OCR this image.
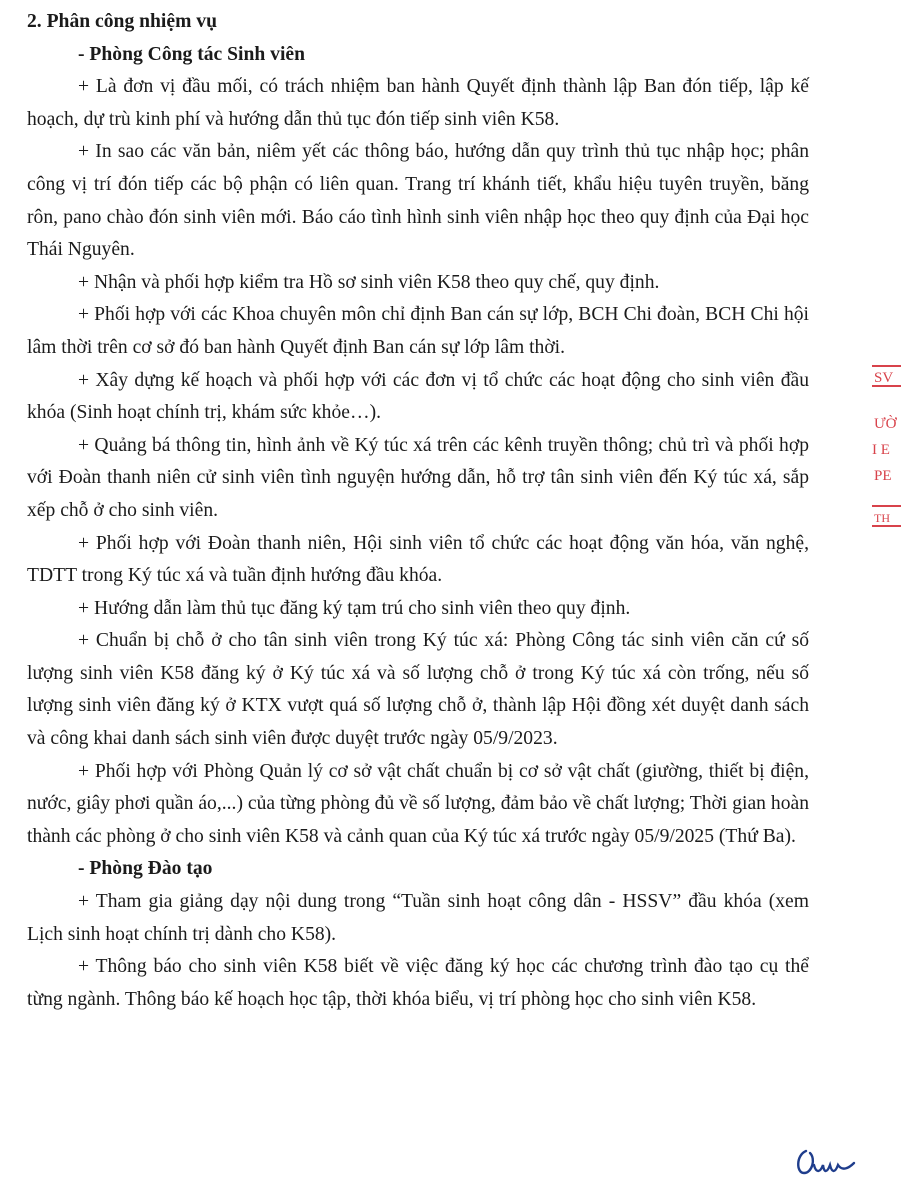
2. Phân công nhiệm vụ

- Phòng Công tác Sinh viên

+ Là đơn vị đầu mối, có trách nhiệm ban hành Quyết định thành lập Ban đón tiếp, lập kế hoạch, dự trù kinh phí và hướng dẫn thủ tục đón tiếp sinh viên K58.

+ In sao các văn bản, niêm yết các thông báo, hướng dẫn quy trình thủ tục nhập học; phân công vị trí đón tiếp các bộ phận có liên quan. Trang trí khánh tiết, khẩu hiệu tuyên truyền, băng rôn, pano chào đón sinh viên mới. Báo cáo tình hình sinh viên nhập học theo quy định của Đại học Thái Nguyên.

+ Nhận và phối hợp kiểm tra Hồ sơ sinh viên K58 theo quy chế, quy định.

+ Phối hợp với các Khoa chuyên môn chỉ định Ban cán sự lớp, BCH Chi đoàn, BCH Chi hội lâm thời trên cơ sở đó ban hành Quyết định Ban cán sự lớp lâm thời.

+ Xây dựng kế hoạch và phối hợp với các đơn vị tổ chức các hoạt động cho sinh viên đầu khóa (Sinh hoạt chính trị, khám sức khỏe…).

+ Quảng bá thông tin, hình ảnh về Ký túc xá trên các kênh truyền thông; chủ trì và phối hợp với Đoàn thanh niên cử sinh viên tình nguyện hướng dẫn, hỗ trợ tân sinh viên đến Ký túc xá, sắp xếp chỗ ở cho sinh viên.

+ Phối hợp với Đoàn thanh niên, Hội sinh viên tổ chức các hoạt động văn hóa, văn nghệ, TDTT trong Ký túc xá và tuần định hướng đầu khóa.

+ Hướng dẫn làm thủ tục đăng ký tạm trú cho sinh viên theo quy định.

+ Chuẩn bị chỗ ở cho tân sinh viên trong Ký túc xá: Phòng Công tác sinh viên căn cứ số lượng sinh viên K58 đăng ký ở Ký túc xá và số lượng chỗ ở trong Ký túc xá còn trống, nếu số lượng sinh viên đăng ký ở KTX vượt quá số lượng chỗ ở, thành lập Hội đồng xét duyệt danh sách và công khai danh sách sinh viên được duyệt trước ngày 05/9/2023.

+ Phối hợp với Phòng Quản lý cơ sở vật chất chuẩn bị cơ sở vật chất (giường, thiết bị điện, nước, giây phơi quần áo,...) của từng phòng đủ về số lượng, đảm bảo về chất lượng; Thời gian hoàn thành các phòng ở cho sinh viên K58 và cảnh quan của Ký túc xá trước ngày 05/9/2025 (Thứ Ba).

- Phòng Đào tạo

+ Tham gia giảng dạy nội dung trong “Tuần sinh hoạt công dân - HSSV” đầu khóa (xem Lịch sinh hoạt chính trị dành cho K58).

+ Thông báo cho sinh viên K58 biết về việc đăng ký học các chương trình đào tạo cụ thể từng ngành. Thông báo kế hoạch học tập, thời khóa biểu, vị trí phòng học cho sinh viên K58.

SV
ƯỜ
I E
PE
TH
